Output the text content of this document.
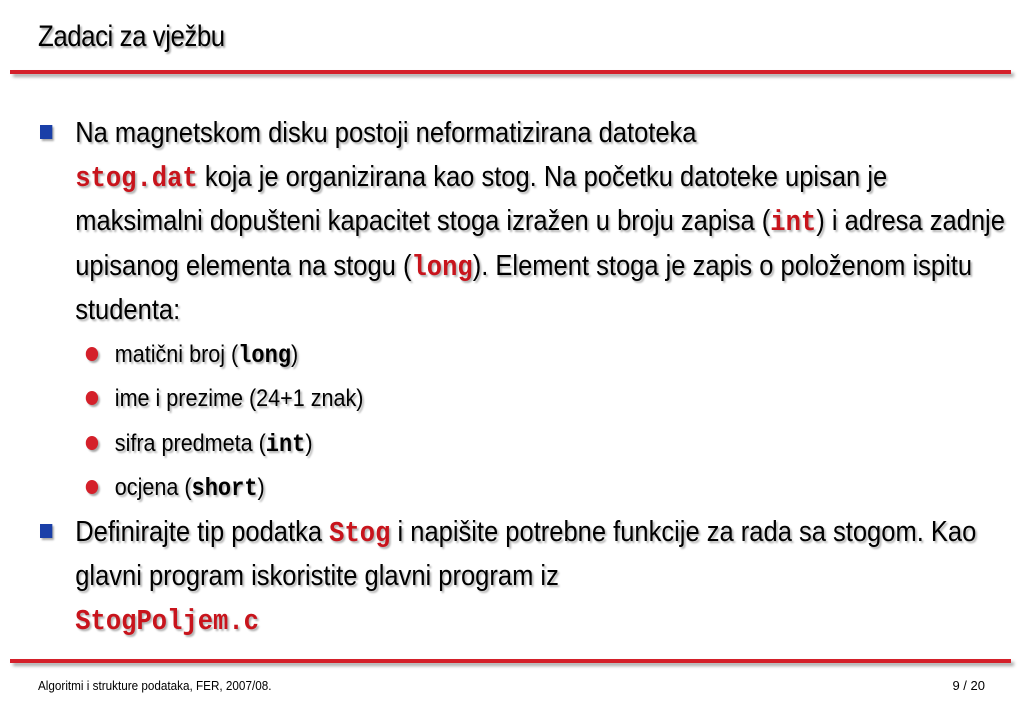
Zadaci za vježbu
Na magnetskom disku postoji neformatizirana datoteka
stog.dat koja je organizirana kao stog. Na početku datoteke upisan je maksimalni dopušteni kapacitet stoga izražen u broju zapisa (int) i adresa zadnje upisanog elementa na stogu (long). Element stoga je zapis o položenom ispitu studenta:
matični broj (long)
ime i prezime (24+1 znak)
sifra predmeta (int)
ocjena (short)
Definirajte tip podatka Stog i napišite potrebne funkcije za rada sa stogom. Kao glavni program iskoristite glavni program iz
StogPoljem.c
Algoritmi i strukture podataka, FER, 2007/08.	9 / 20
